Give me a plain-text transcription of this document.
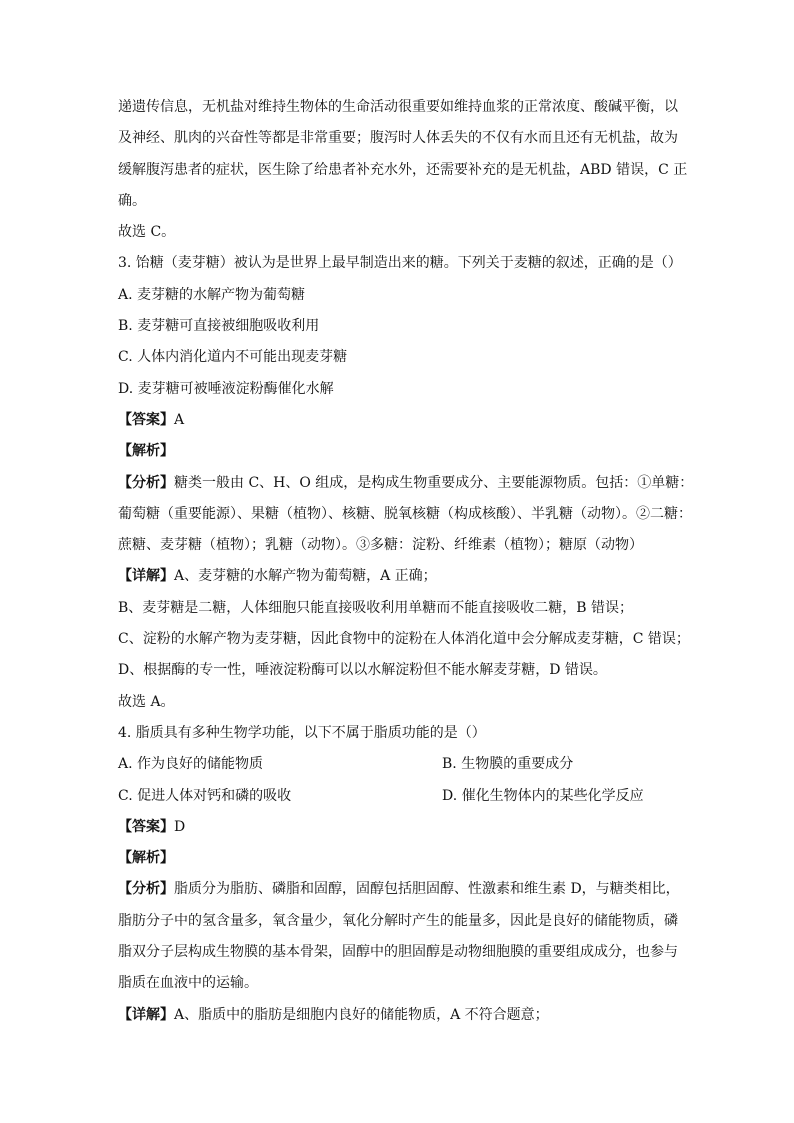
递遗传信息，无机盐对维持生物体的生命活动很重要如维持血浆的正常浓度、酸碱平衡，以
及神经、肌肉的兴奋性等都是非常重要；腹泻时人体丢失的不仅有水而且还有无机盐，故为
缓解腹泻患者的症状，医生除了给患者补充水外，还需要补充的是无机盐，ABD 错误，C 正
确。
故选 C。
3. 饴糖（麦芽糖）被认为是世界上最早制造出来的糖。下列关于麦糖的叙述，正确的是（）
A. 麦芽糖的水解产物为葡萄糖
B. 麦芽糖可直接被细胞吸收利用
C. 人体内消化道内不可能出现麦芽糖
D. 麦芽糖可被唾液淀粉酶催化水解
【答案】A
【解析】
【分析】糖类一般由 C、H、O 组成，是构成生物重要成分、主要能源物质。包括：①单糖：
葡萄糖（重要能源）、果糖（植物）、核糖、脱氧核糖（构成核酸）、半乳糖（动物）。②二糖：
蔗糖、麦芽糖（植物）；乳糖（动物）。③多糖：淀粉、纤维素（植物）；糖原（动物）
【详解】A、麦芽糖的水解产物为葡萄糖，A 正确；
B、麦芽糖是二糖，人体细胞只能直接吸收利用单糖而不能直接吸收二糖，B 错误；
C、淀粉的水解产物为麦芽糖，因此食物中的淀粉在人体消化道中会分解成麦芽糖，C 错误；
D、根据酶的专一性，唾液淀粉酶可以以水解淀粉但不能水解麦芽糖，D 错误。
故选 A。
4. 脂质具有多种生物学功能，以下不属于脂质功能的是（）
A. 作为良好的储能物质	B. 生物膜的重要成分
C. 促进人体对钙和磷的吸收	D. 催化生物体内的某些化学反应
【答案】D
【解析】
【分析】脂质分为脂肪、磷脂和固醇，固醇包括胆固醇、性激素和维生素 D，与糖类相比，
脂肪分子中的氢含量多，氧含量少，氧化分解时产生的能量多，因此是良好的储能物质，磷
脂双分子层构成生物膜的基本骨架，固醇中的胆固醇是动物细胞膜的重要组成成分，也参与
脂质在血液中的运输。
【详解】A、脂质中的脂肪是细胞内良好的储能物质，A 不符合题意；
